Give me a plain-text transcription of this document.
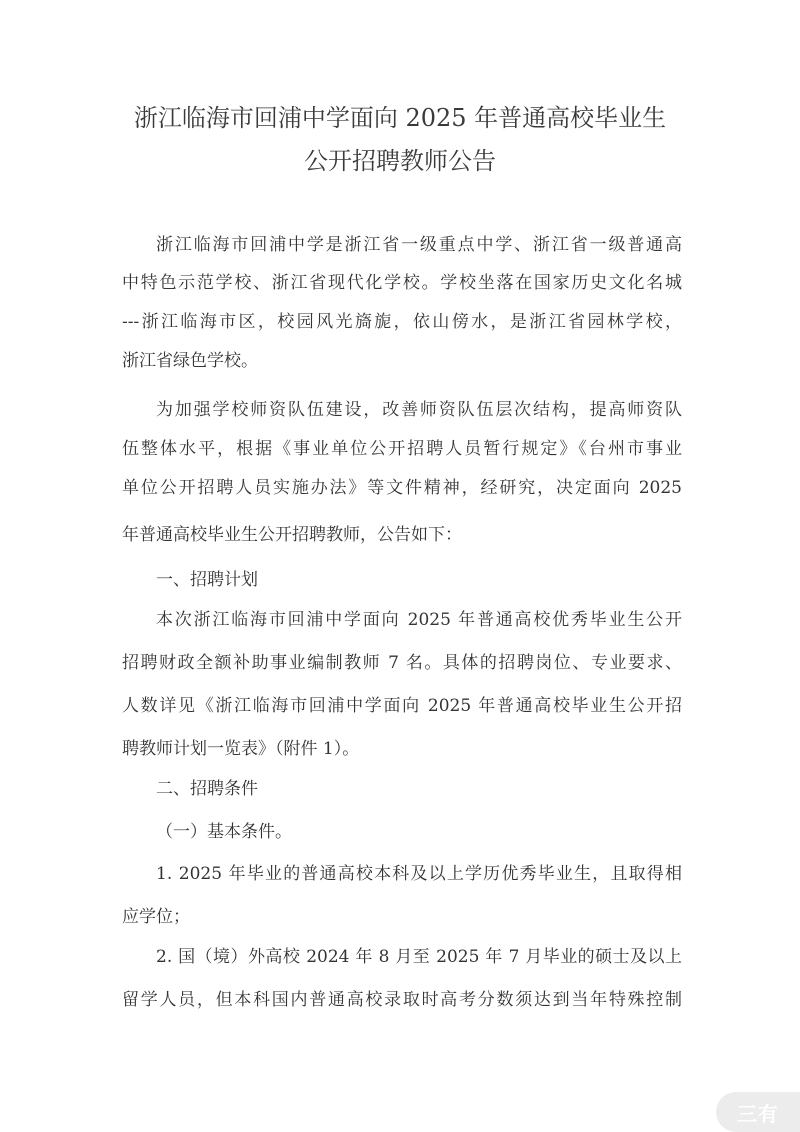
浙江临海市回浦中学面向 2025 年普通高校毕业生
公开招聘教师公告
浙江临海市回浦中学是浙江省一级重点中学、浙江省一级普通高
中特色示范学校、浙江省现代化学校。学校坐落在国家历史文化名城
---浙江临海市区，校园风光旖旎，依山傍水，是浙江省园林学校，
浙江省绿色学校。
为加强学校师资队伍建设，改善师资队伍层次结构，提高师资队
伍整体水平，根据《事业单位公开招聘人员暂行规定》《台州市事业
单位公开招聘人员实施办法》等文件精神，经研究，决定面向 2025
年普通高校毕业生公开招聘教师，公告如下：
一、招聘计划
本次浙江临海市回浦中学面向 2025 年普通高校优秀毕业生公开
招聘财政全额补助事业编制教师 7 名。具体的招聘岗位、专业要求、
人数详见《浙江临海市回浦中学面向 2025 年普通高校毕业生公开招
聘教师计划一览表》（附件 1）。
二、招聘条件
（一）基本条件。
1. 2025 年毕业的普通高校本科及以上学历优秀毕业生，且取得相
应学位；
2. 国（境）外高校 2024 年 8 月至 2025 年 7 月毕业的硕士及以上
留学人员，但本科国内普通高校录取时高考分数须达到当年特殊控制
三有
